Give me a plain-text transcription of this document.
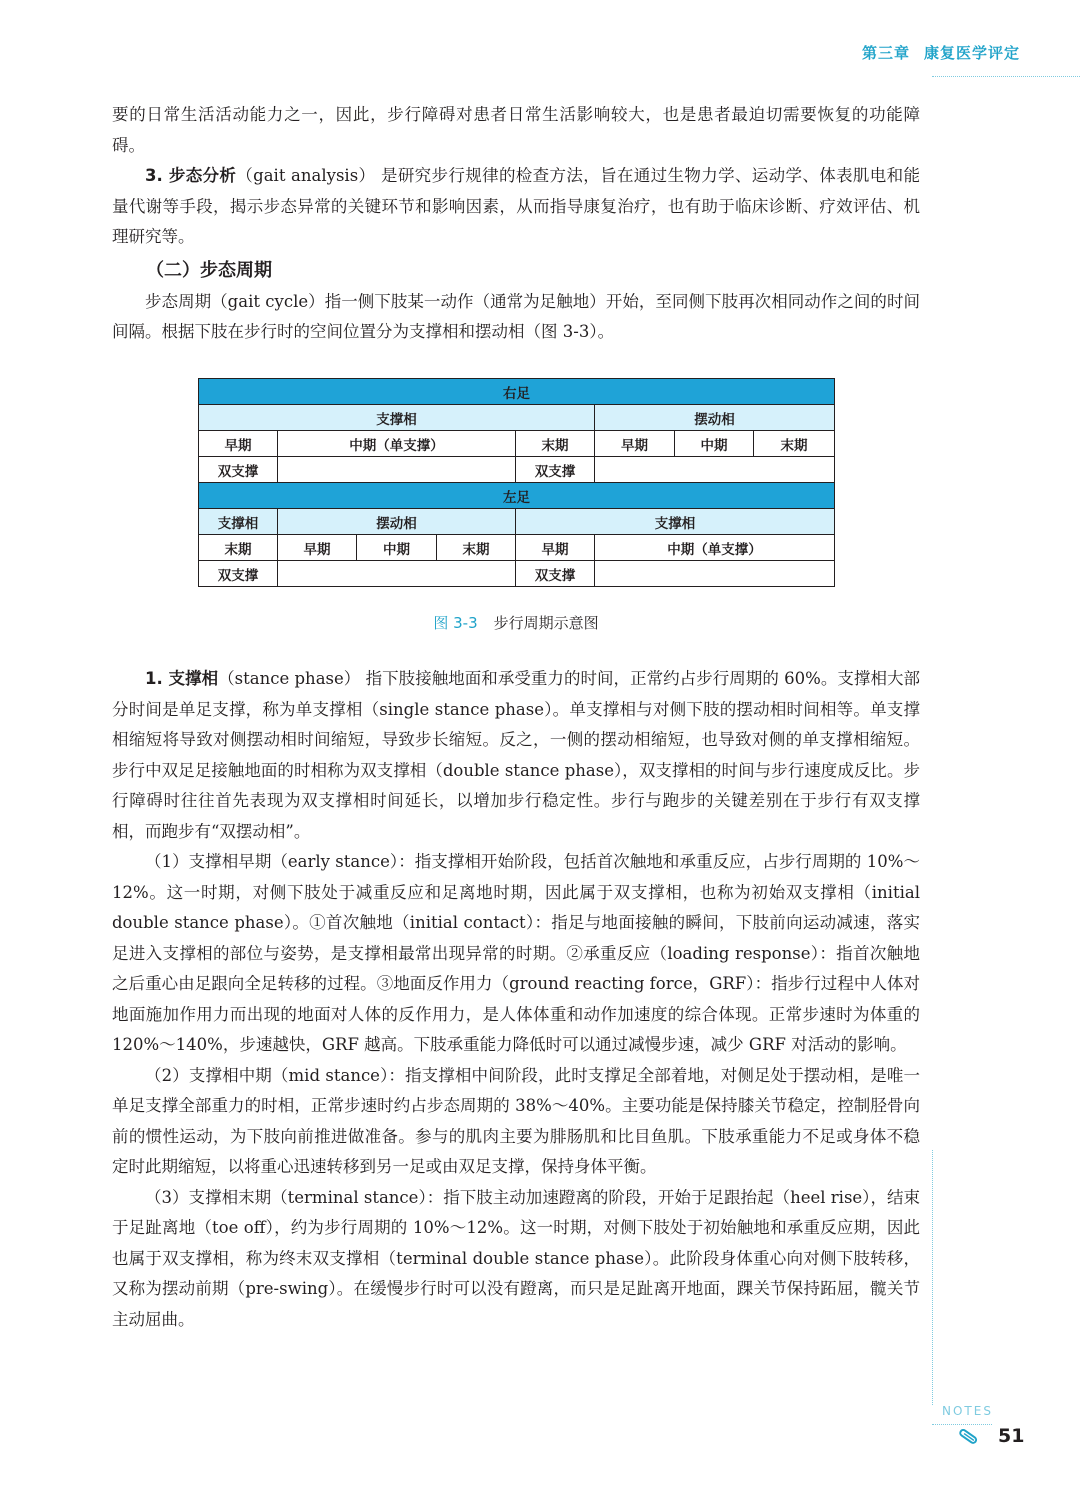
第三章 康复医学评定

要的日常生活活动能力之一，因此，步行障碍对患者日常生活影响较大，也是患者最迫切需要恢复的功能障碍。

3. 步态分析（gait analysis） 是研究步行规律的检查方法，旨在通过生物力学、运动学、体表肌电和能量代谢等手段，揭示步态异常的关键环节和影响因素，从而指导康复治疗，也有助于临床诊断、疗效评估、机理研究等。

（二）步态周期

步态周期（gait cycle）指一侧下肢某一动作（通常为足触地）开始，至同侧下肢再次相同动作之间的时间间隔。根据下肢在步行时的空间位置分为支撑相和摆动相（图 3-3）。

右足							
支撑相					摆动相		
早期	中期（单支撑）			末期	早期	中期	末期
双支撑				双支撑			
左足							
支撑相	摆动相			支撑相			
末期	早期	中期	末期	早期	中期（单支撑）		
双支撑				双支撑			
图 3-3 步行周期示意图

1. 支撑相（stance phase） 指下肢接触地面和承受重力的时间，正常约占步行周期的 60%。支撑相大部分时间是单足支撑，称为单支撑相（single stance phase）。单支撑相与对侧下肢的摆动相时间相等。单支撑相缩短将导致对侧摆动相时间缩短，导致步长缩短。反之，一侧的摆动相缩短，也导致对侧的单支撑相缩短。步行中双足足接触地面的时相称为双支撑相（double stance phase），双支撑相的时间与步行速度成反比。步行障碍时往往首先表现为双支撑相时间延长，以增加步行稳定性。步行与跑步的关键差别在于步行有双支撑相，而跑步有“双摆动相”。

（1）支撑相早期（early stance）：指支撑相开始阶段，包括首次触地和承重反应，占步行周期的 10%～12%。这一时期，对侧下肢处于减重反应和足离地时期，因此属于双支撑相，也称为初始双支撑相（initial double stance phase）。①首次触地（initial contact）：指足与地面接触的瞬间，下肢前向运动减速，落实足进入支撑相的部位与姿势，是支撑相最常出现异常的时期。②承重反应（loading response）：指首次触地之后重心由足跟向全足转移的过程。③地面反作用力（ground reacting force，GRF）：指步行过程中人体对地面施加作用力而出现的地面对人体的反作用力，是人体体重和动作加速度的综合体现。正常步速时为体重的 120%～140%，步速越快，GRF 越高。下肢承重能力降低时可以通过减慢步速，减少 GRF 对活动的影响。

（2）支撑相中期（mid stance）：指支撑相中间阶段，此时支撑足全部着地，对侧足处于摆动相，是唯一单足支撑全部重力的时相，正常步速时约占步态周期的 38%～40%。主要功能是保持膝关节稳定，控制胫骨向前的惯性运动，为下肢向前推进做准备。参与的肌肉主要为腓肠肌和比目鱼肌。下肢承重能力不足或身体不稳定时此期缩短，以将重心迅速转移到另一足或由双足支撑，保持身体平衡。

（3）支撑相末期（terminal stance）：指下肢主动加速蹬离的阶段，开始于足跟抬起（heel rise），结束于足趾离地（toe off），约为步行周期的 10%～12%。这一时期，对侧下肢处于初始触地和承重反应期，因此也属于双支撑相，称为终末双支撑相（terminal double stance phase）。此阶段身体重心向对侧下肢转移，又称为摆动前期（pre-swing）。在缓慢步行时可以没有蹬离，而只是足趾离开地面，踝关节保持跖屈，髋关节主动屈曲。

NOTES
51
